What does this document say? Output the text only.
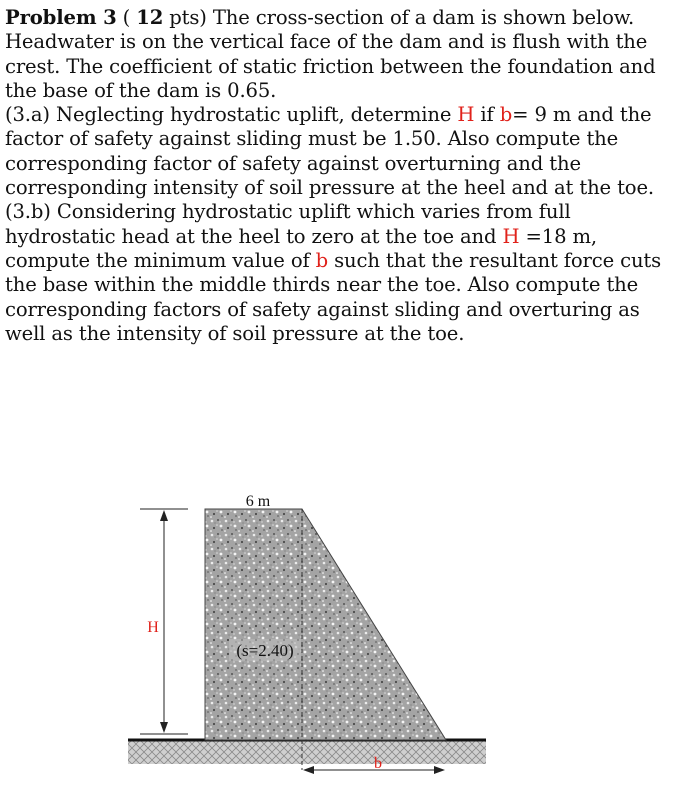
Problem 3 ( 12 pts) The cross-section of a dam is shown below. Headwater is on the vertical face of the dam and is flush with the crest. The coefficient of static friction between the foundation and the base of the dam is 0.65.

(3.a) Neglecting hydrostatic uplift, determine H if b= 9 m and the factor of safety against sliding must be 1.50. Also compute the corresponding factor of safety against overturning and the corresponding intensity of soil pressure at the heel and at the toe.

(3.b) Considering hydrostatic uplift which varies from full hydrostatic head at the heel to zero at the toe and H =18 m, compute the minimum value of b such that the resultant force cuts the base within the middle thirds near the toe. Also compute the corresponding factors of safety against sliding and overturing as well as the intensity of soil pressure at the toe.

6 m
H
(s=2.40)
b
